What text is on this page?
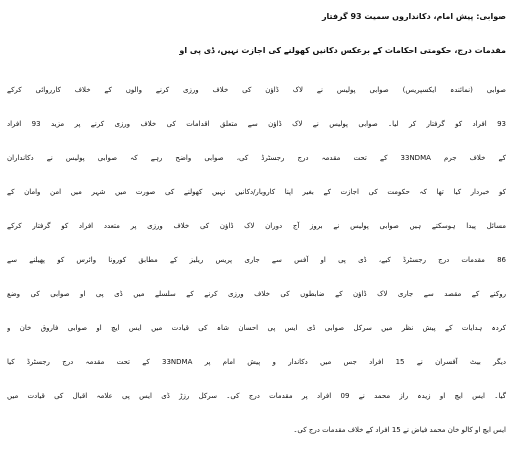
صوابی: پیش امام، دکانداروں سمیت 93 گرفتار
مقدمات درج، حکومتی احکامات کے برعکس دکانیں کھولنے کی اجازت نہیں، ڈی پی او
صوابی (نمائندہ ایکسپریس) صوابی پولیس نے لاک ڈاؤن کی خلاف ورزی کرنے والوں کے خلاف کارروائی کرکے
93 افراد کو گرفتار کر لیا۔ صوابی پولیس نے لاک ڈاؤن سے متعلق اقدامات کی خلاف ورزی کرنے پر مزید 93 افراد
کے خلاف جرم 33NDMA کے تحت مقدمہ درج رجسٹرڈ کی، صوابی واضح رہے کہ صوابی پولیس نے دکانداران
کو خبردار کیا تھا کہ حکومت کی اجازت کے بغیر اپنا کاروبار/دکانیں نہیں کھولنے کی صورت میں شہر میں امن وامان کے
مسائل پیدا ہوسکتے ہیں صوابی پولیس نے بروز آج دوران لاک ڈاؤن کی خلاف ورزی پر متعدد افراد کو گرفتار کرکے
86 مقدمات درج رجسٹرڈ کیے، ڈی پی او آفس سے جاری پریس ریلیز کے مطابق کورونا وائرس کو پھیلنے سے
روکنے کے مقصد سے جاری لاک ڈاؤن کے ضابطوں کی خلاف ورزی کرنے کے سلسلے میں ڈی پی او صوابی کی وضع
کردہ ہدایات کے پیش نظر میں سرکل صوابی ڈی ایس پی احسان شاہ کی قیادت میں ایس ایچ او صوابی فاروق خان و
دیگر بیٹ آفسران نے 15 افراد جس میں دکاندار و پیش امام پر 33NDMA کے تحت مقدمہ درج رجسٹرڈ کیا
گیا۔ ایس ایچ او زیدہ راز محمد نے 09 افراد پر مقدمات درج کی۔ سرکل رزڑ ڈی ایس پی علامہ اقبال کی قیادت میں
ایس ایچ او کالو خان محمد فیاض نے 15 افراد کے خلاف مقدمات درج کی۔
